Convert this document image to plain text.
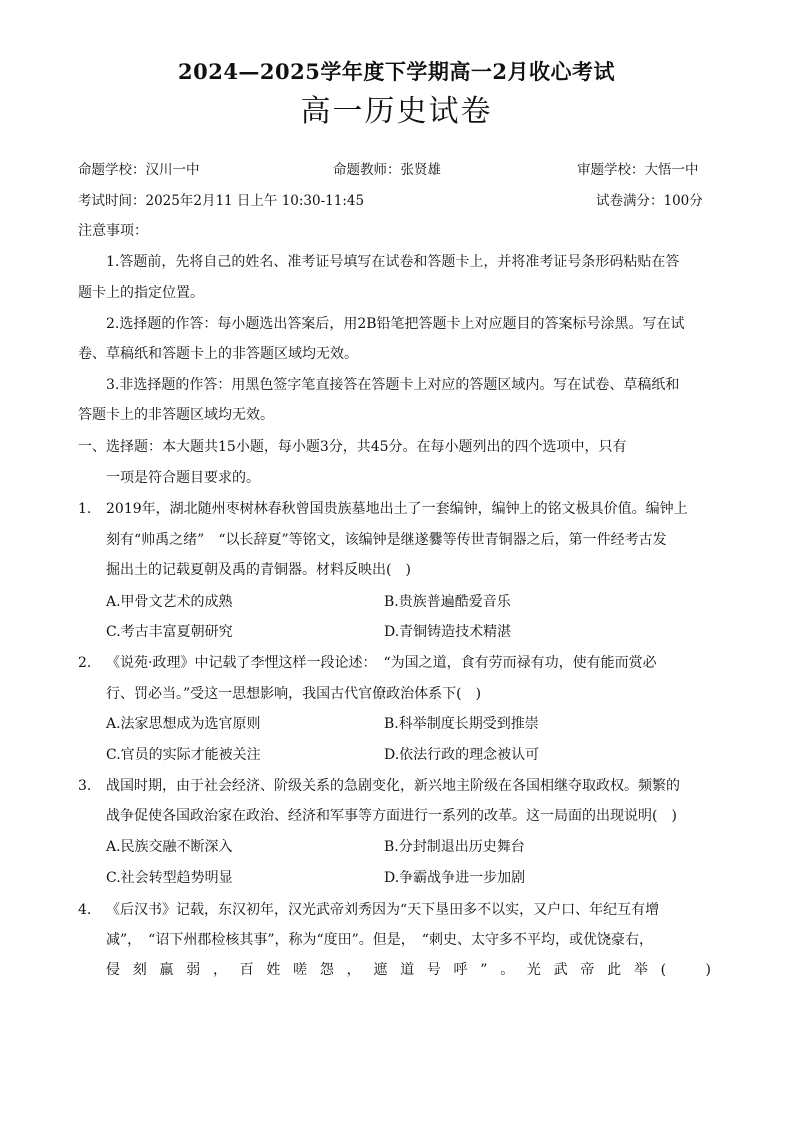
2024—2025学年度下学期高一2月收心考试
高一历史试卷
命题学校：汉川一中	命题教师：张贤雄	审题学校：大悟一中
考试时间：2025年2月11 日上午 10:30-11:45	试卷满分：100分
注意事项：
1.答题前，先将自己的姓名、准考证号填写在试卷和答题卡上，并将准考证号条形码粘贴在答
题卡上的指定位置。
2.选择题的作答：每小题选出答案后，用2B铅笔把答题卡上对应题目的答案标号涂黑。写在试
卷、草稿纸和答题卡上的非答题区域均无效。
3.非选择题的作答：用黑色签字笔直接答在答题卡上对应的答题区域内。写在试卷、草稿纸和
答题卡上的非答题区域均无效。
一、选择题：本大题共15小题，每小题3分，共45分。在每小题列出的四个选项中，只有
一项是符合题目要求的。
1. 2019年，湖北随州枣树林春秋曾国贵族墓地出土了一套编钟，编钟上的铭文极具价值。编钟上
刻有“帅禹之绪”　“以长辞夏”等铭文，该编钟是继遂爨等传世青铜器之后，第一件经考古发
掘出土的记载夏朝及禹的青铜器。材料反映出(　)
A.甲骨文艺术的成熟	B.贵族普遍酷爱音乐
C.考古丰富夏朝研究	D.青铜铸造技术精湛
2. 《说苑·政理》中记载了李悝这样一段论述：　“为国之道，食有劳而禄有功，使有能而赏必
行、罚必当。”受这一思想影响，我国古代官僚政治体系下(　)
A.法家思想成为选官原则	B.科举制度长期受到推崇
C.官员的实际才能被关注	D.依法行政的理念被认可
3. 战国时期，由于社会经济、阶级关系的急剧变化，新兴地主阶级在各国相继夺取政权。频繁的
战争促使各国政治家在政治、经济和军事等方面进行一系列的改革。这一局面的出现说明(　)
A.民族交融不断深入	B.分封制退出历史舞台
C.社会转型趋势明显	D.争霸战争进一步加剧
4. 《后汉书》记载，东汉初年，汉光武帝刘秀因为“天下垦田多不以实，又户口、年纪互有增
减”，　“诏下州郡检核其事”，称为“度田”。但是，　“刺史、太守多不平均，或优饶豪右，
侵 刻 羸 弱 ， 百 姓 嗟 怨 ， 遮 道 号 呼 ” 。 光 武 帝 此 举 (
　	)
